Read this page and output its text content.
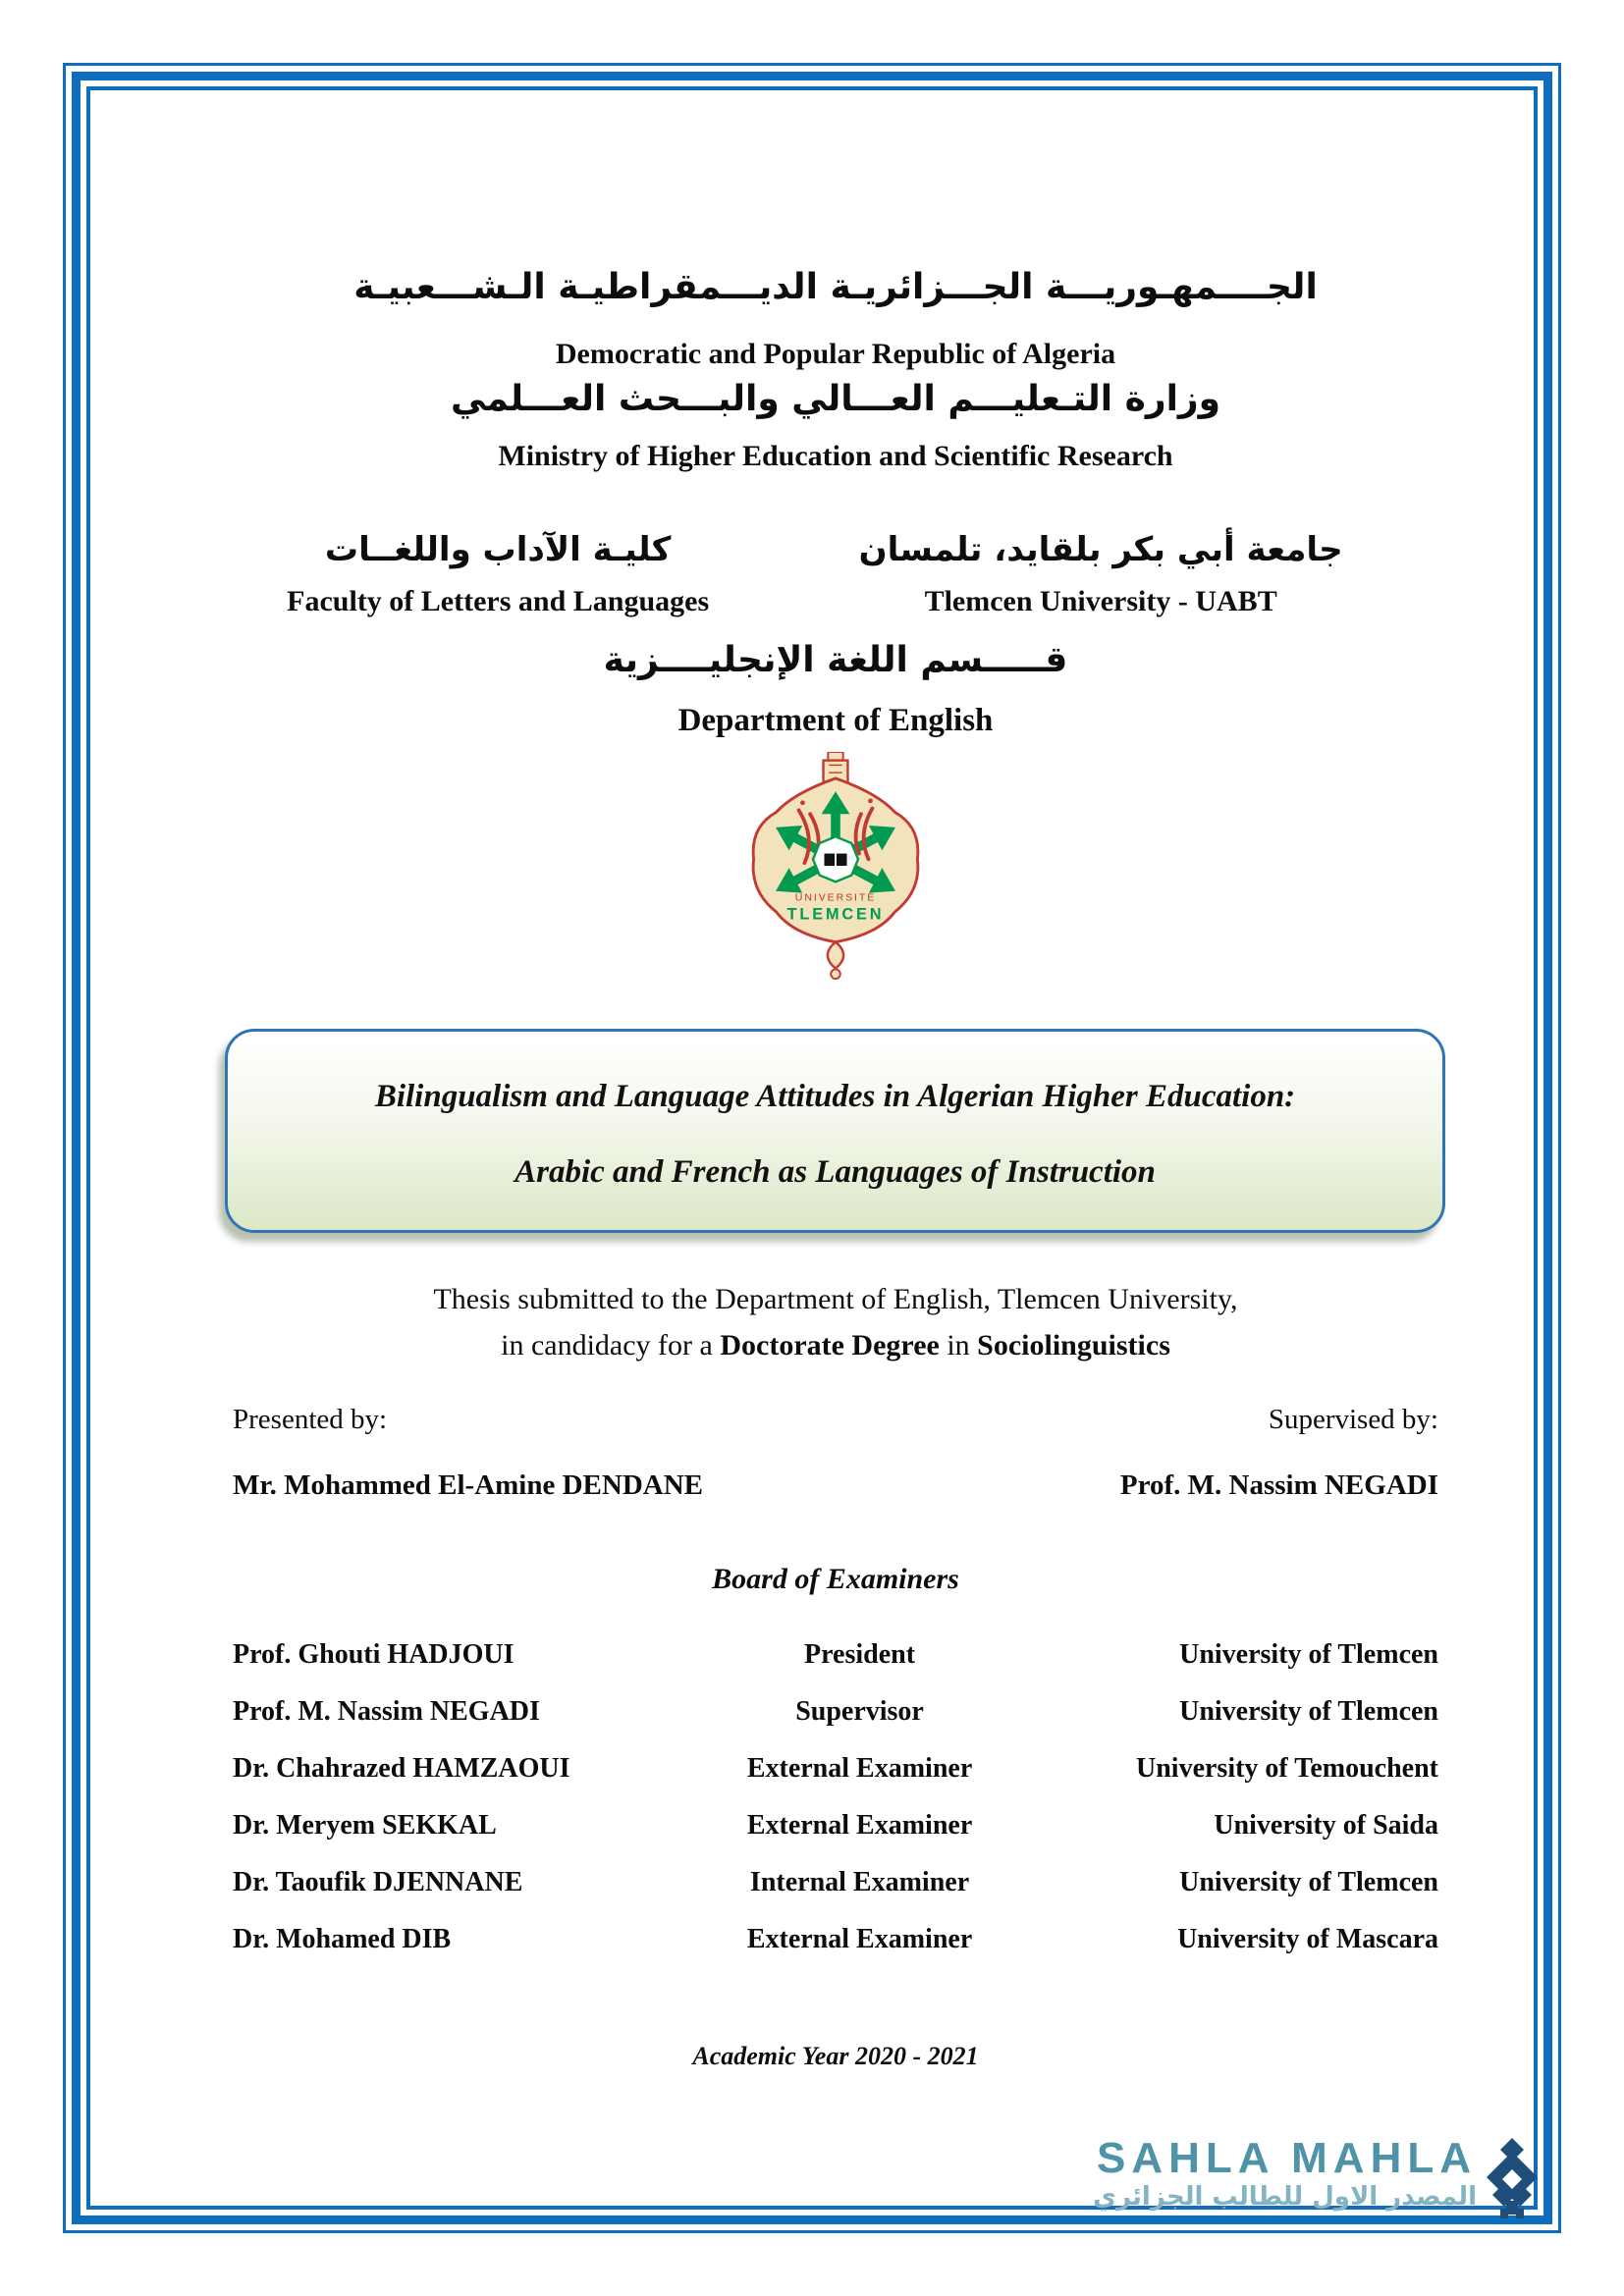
الجــــمهـوريـــة الجـــزائريـة الديـــمقراطيـة الـشـــعبيـة
Democratic and Popular Republic of Algeria
وزارة التـعليـــم العـــالي والبـــحث العـــلمي
Ministry of Higher Education and Scientific Research
كليـة الآداب واللغــات
Faculty of Letters and Languages
جامعة أبي بكر بلقايد، تلمسان
Tlemcen University - UABT
قـــــسم اللغة الإنجليــــزية
Department of English
UNIVERSITE
TLEMCEN
Bilingualism and Language Attitudes in Algerian Higher Education:
Arabic and French as Languages of Instruction
Thesis submitted to the Department of English, Tlemcen University,
in candidacy for a Doctorate Degree in Sociolinguistics
Presented by:	Supervised by:
Mr. Mohammed El-Amine DENDANE	Prof. M. Nassim NEGADI
Board of Examiners
Prof. Ghouti HADJOUI	President	University of Tlemcen
Prof. M. Nassim NEGADI	Supervisor	University of Tlemcen
Dr. Chahrazed HAMZAOUI	External Examiner	University of Temouchent
Dr. Meryem SEKKAL	External Examiner	University of Saida
Dr. Taoufik DJENNANE	Internal Examiner	University of Tlemcen
Dr. Mohamed DIB	External Examiner	University of Mascara
Academic Year 2020 - 2021
SAHLA MAHLA
المصدر الاول للطالب الجزائري
